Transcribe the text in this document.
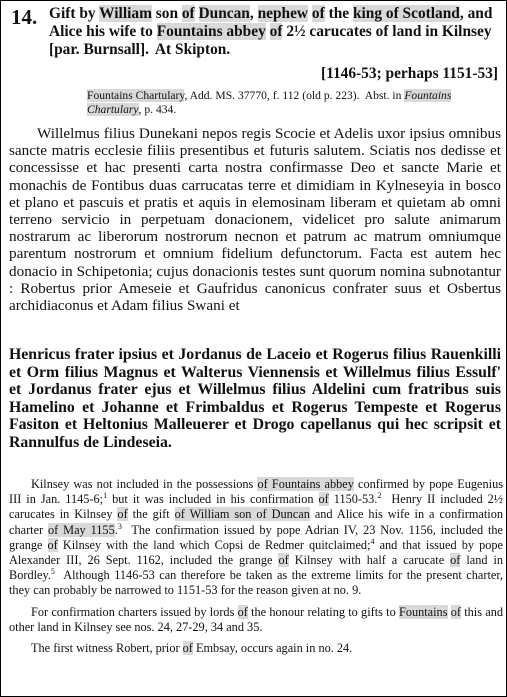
14. Gift by William son of Duncan, nephew of the king of Scotland, and Alice his wife to Fountains abbey of 2½ carucates of land in Kilnsey [par. Burnsall]. At Skipton.
[1146-53; perhaps 1151-53]
Fountains Chartulary, Add. MS. 37770, f. 112 (old p. 223).  Abst. in Fountains Chartulary, p. 434.
Willelmus filius Dunekani nepos regis Scocie et Adelis uxor ipsius omnibus sancte matris ecclesie filiis presentibus et futuris salutem. Sciatis nos dedisse et concessisse et hac presenti carta nostra confirmasse Deo et sancte Marie et monachis de Fontibus duas carrucatas terre et dimidiam in Kylneseyia in bosco et plano et pascuis et pratis et aquis in elemosinam liberam et quietam ab omni terreno servicio in perpetuam donacionem, videlicet pro salute animarum nostrarum ac liberorum nostrorum necnon et patrum ac matrum omniumque parentum nostrorum et omnium fidelium defunctorum. Facta est autem hec donacio in Schipetonia; cujus donacionis testes sunt quorum nomina subnotantur : Robertus prior Ameseie et Gaufridus canonicus confrater suus et Osbertus archidiaconus et Adam filius Swani et
Henricus frater ipsius et Jordanus de Laceio et Rogerus filius Rauenkilli et Orm filius Magnus et Walterus Viennensis et Willelmus filius Essulf' et Jordanus frater ejus et Willelmus filius Aldelini cum fratribus suis Hamelino et Johanne et Frimbaldus et Rogerus Tempeste et Rogerus Fasiton et Heltonius Malleuerer et Drogo capellanus qui hec scripsit et Rannulfus de Lindeseia.

Kilnsey was not included in the possessions of Fountains abbey confirmed by pope Eugenius III in Jan. 1145-6;$^1$ but it was included in his confirmation of 1150-53.$^2$  Henry II included 2½ carucates in Kilnsey of the gift of William son of Duncan and Alice his wife in a confirmation charter of May 1155.$^3$  The confirmation issued by pope Adrian IV, 23 Nov. 1156, included the grange of Kilnsey with the land which Copsi de Redmer quitclaimed;$^4$ and that issued by pope Alexander III, 26 Sept. 1162, included the grange of Kilnsey with half a carucate of land in Bordley.$^5$  Although 1146-53 can therefore be taken as the extreme limits for the present charter, they can probably be narrowed to 1151-53 for the reason given at no. 9.

For confirmation charters issued by lords of the honour relating to gifts to Fountains of this and other land in Kilnsey see nos. 24, 27-29, 34 and 35.

The first witness Robert, prior of Embsay, occurs again in no. 24.
